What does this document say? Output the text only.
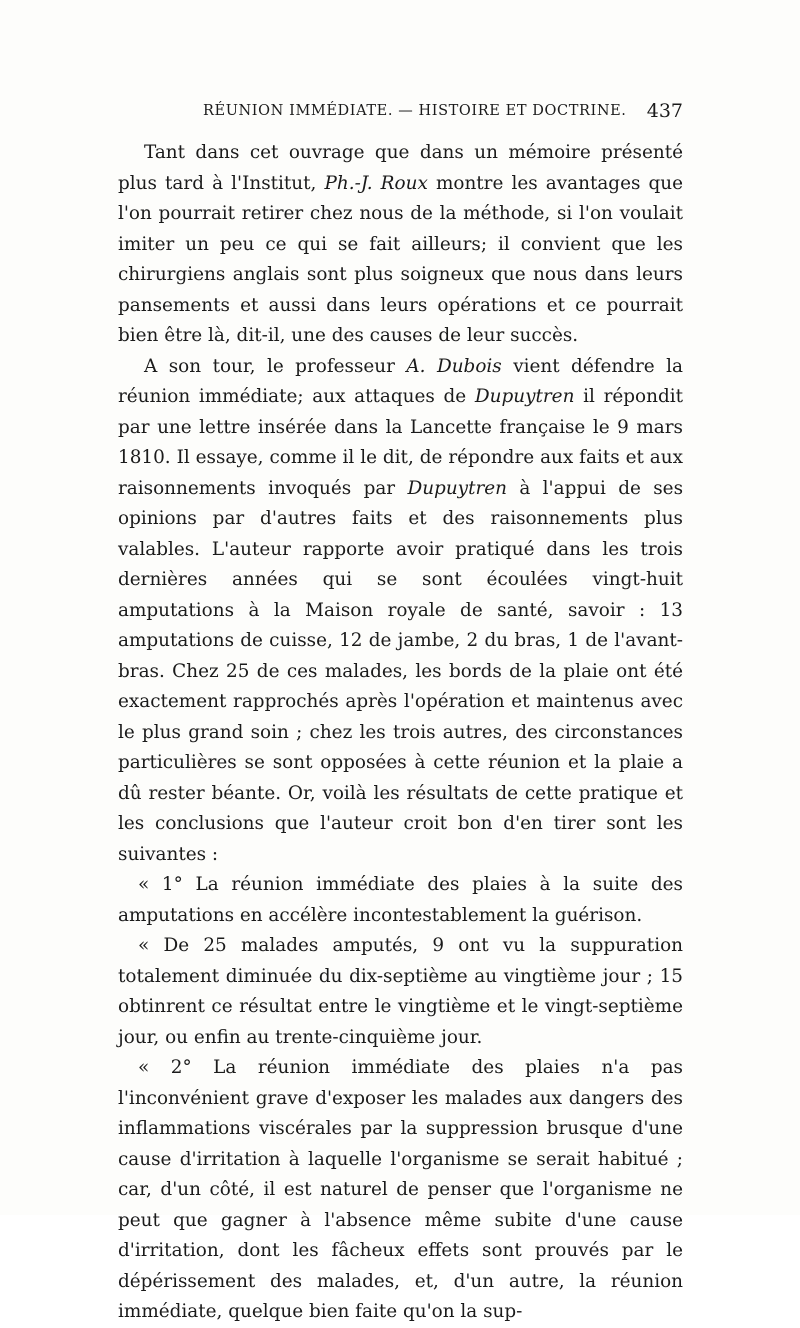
RÉUNION IMMÉDIATE. — HISTOIRE ET DOCTRINE. 437

Tant dans cet ouvrage que dans un mémoire présenté plus tard à l'Institut, Ph.-J. Roux montre les avantages que l'on pourrait retirer chez nous de la méthode, si l'on voulait imiter un peu ce qui se fait ailleurs; il convient que les chirurgiens anglais sont plus soigneux que nous dans leurs pansements et aussi dans leurs opérations et ce pourrait bien être là, dit-il, une des causes de leur succès.

A son tour, le professeur A. Dubois vient défendre la réunion immédiate; aux attaques de Dupuytren il répondit par une lettre insérée dans la Lancette française le 9 mars 1810. Il essaye, comme il le dit, de répondre aux faits et aux raisonnements invoqués par Dupuytren à l'appui de ses opinions par d'autres faits et des raisonnements plus valables. L'auteur rapporte avoir pratiqué dans les trois dernières années qui se sont écoulées vingt-huit amputations à la Maison royale de santé, savoir : 13 amputations de cuisse, 12 de jambe, 2 du bras, 1 de l'avant-bras. Chez 25 de ces malades, les bords de la plaie ont été exactement rapprochés après l'opération et maintenus avec le plus grand soin ; chez les trois autres, des circonstances particulières se sont opposées à cette réunion et la plaie a dû rester béante. Or, voilà les résultats de cette pratique et les conclusions que l'auteur croit bon d'en tirer sont les suivantes :

« 1° La réunion immédiate des plaies à la suite des amputations en accélère incontestablement la guérison.

« De 25 malades amputés, 9 ont vu la suppuration totalement diminuée du dix-septième au vingtième jour ; 15 obtinrent ce résultat entre le vingtième et le vingt-septième jour, ou enfin au trente-cinquième jour.

« 2° La réunion immédiate des plaies n'a pas l'inconvénient grave d'exposer les malades aux dangers des inflammations viscérales par la suppression brusque d'une cause d'irritation à laquelle l'organisme se serait habitué ; car, d'un côté, il est naturel de penser que l'organisme ne peut que gagner à l'absence même subite d'une cause d'irritation, dont les fâcheux effets sont prouvés par le dépérissement des malades, et, d'un autre, la réunion immédiate, quelque bien faite qu'on la sup-
